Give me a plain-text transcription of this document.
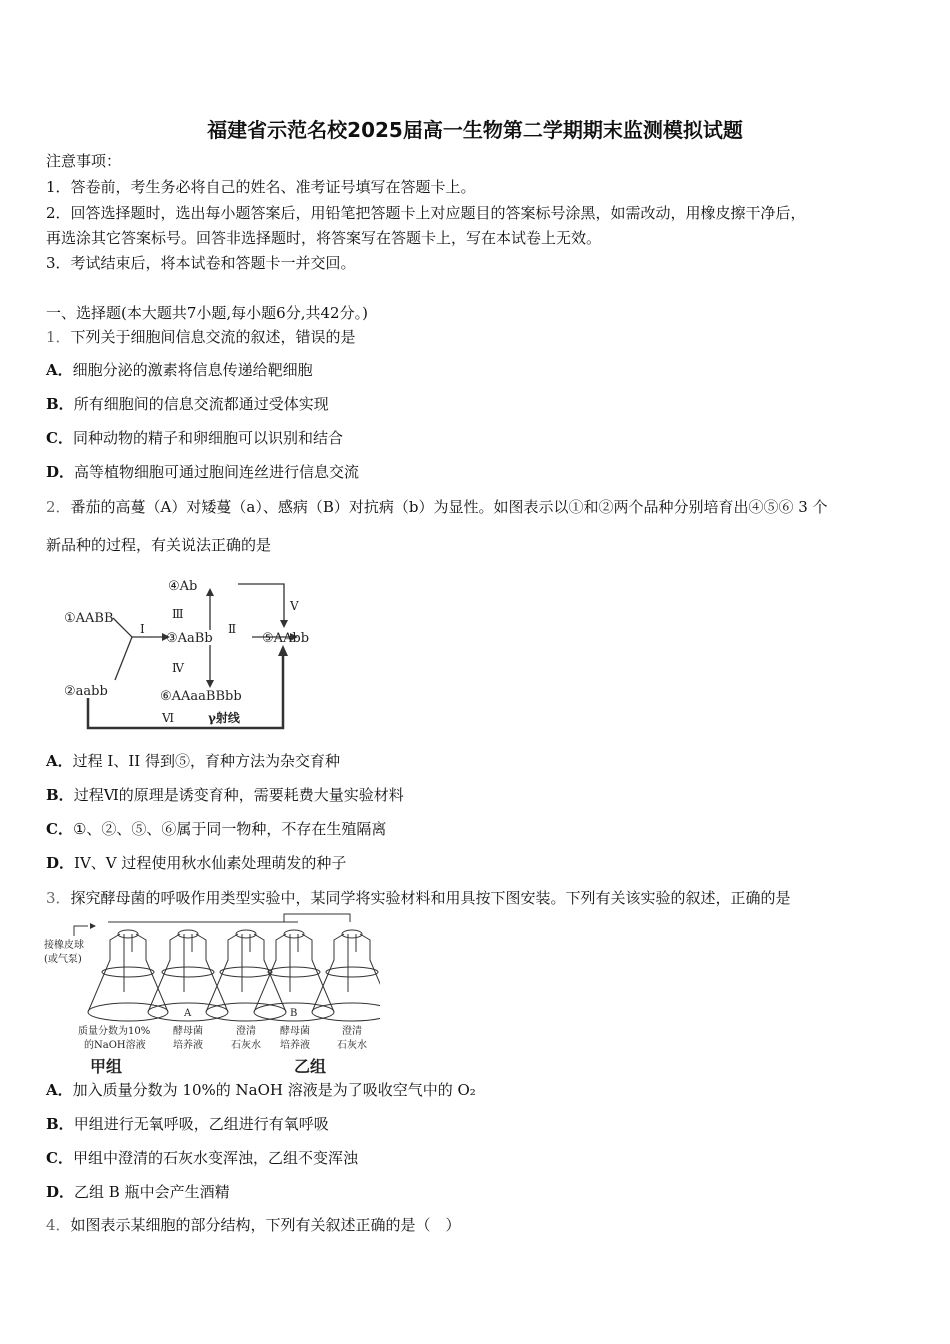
福建省示范名校2025届高一生物第二学期期末监测模拟试题
注意事项：
1．答卷前，考生务必将自己的姓名、准考证号填写在答题卡上。
2．回答选择题时，选出每小题答案后，用铅笔把答题卡上对应题目的答案标号涂黑，如需改动，用橡皮擦干净后，
再选涂其它答案标号。回答非选择题时，将答案写在答题卡上，写在本试卷上无效。
3．考试结束后，将本试卷和答题卡一并交回。
一、选择题(本大题共7小题,每小题6分,共42分。)
1．下列关于细胞间信息交流的叙述，错误的是
A．细胞分泌的激素将信息传递给靶细胞
B．所有细胞间的信息交流都通过受体实现
C．同种动物的精子和卵细胞可以识别和结合
D．高等植物细胞可通过胞间连丝进行信息交流
2．番茄的高蔓（A）对矮蔓（a）、感病（B）对抗病（b）为显性。如图表示以①和②两个品种分别培育出④⑤⑥ 3 个
新品种的过程，有关说法正确的是
①AABB
②aabb
③AaBb
④Ab
⑤AAbb
⑥AAaaBBbb
Ⅰ	Ⅱ
Ⅲ
Ⅳ
Ⅴ
Ⅵ	γ射线
A．过程 I、II 得到⑤，育种方法为杂交育种
B．过程Ⅵ的原理是诱变育种，需要耗费大量实验材料
C．①、②、⑤、⑥属于同一物种，不存在生殖隔离
D．IV、V 过程使用秋水仙素处理萌发的种子
3．探究酵母菌的呼吸作用类型实验中，某同学将实验材料和用具按下图安装。下列有关该实验的叙述，正确的是
接橡皮球
(或气泵)
A	B
质量分数为10%
的NaOH溶液
酵母菌
培养液
澄清
石灰水
酵母菌
培养液
澄清
石灰水
甲组	乙组
A．加入质量分数为 10%的 NaOH 溶液是为了吸收空气中的 O₂
B．甲组进行无氧呼吸，乙组进行有氧呼吸
C．甲组中澄清的石灰水变浑浊，乙组不变浑浊
D．乙组 B 瓶中会产生酒精
4．如图表示某细胞的部分结构，下列有关叙述正确的是（　）
